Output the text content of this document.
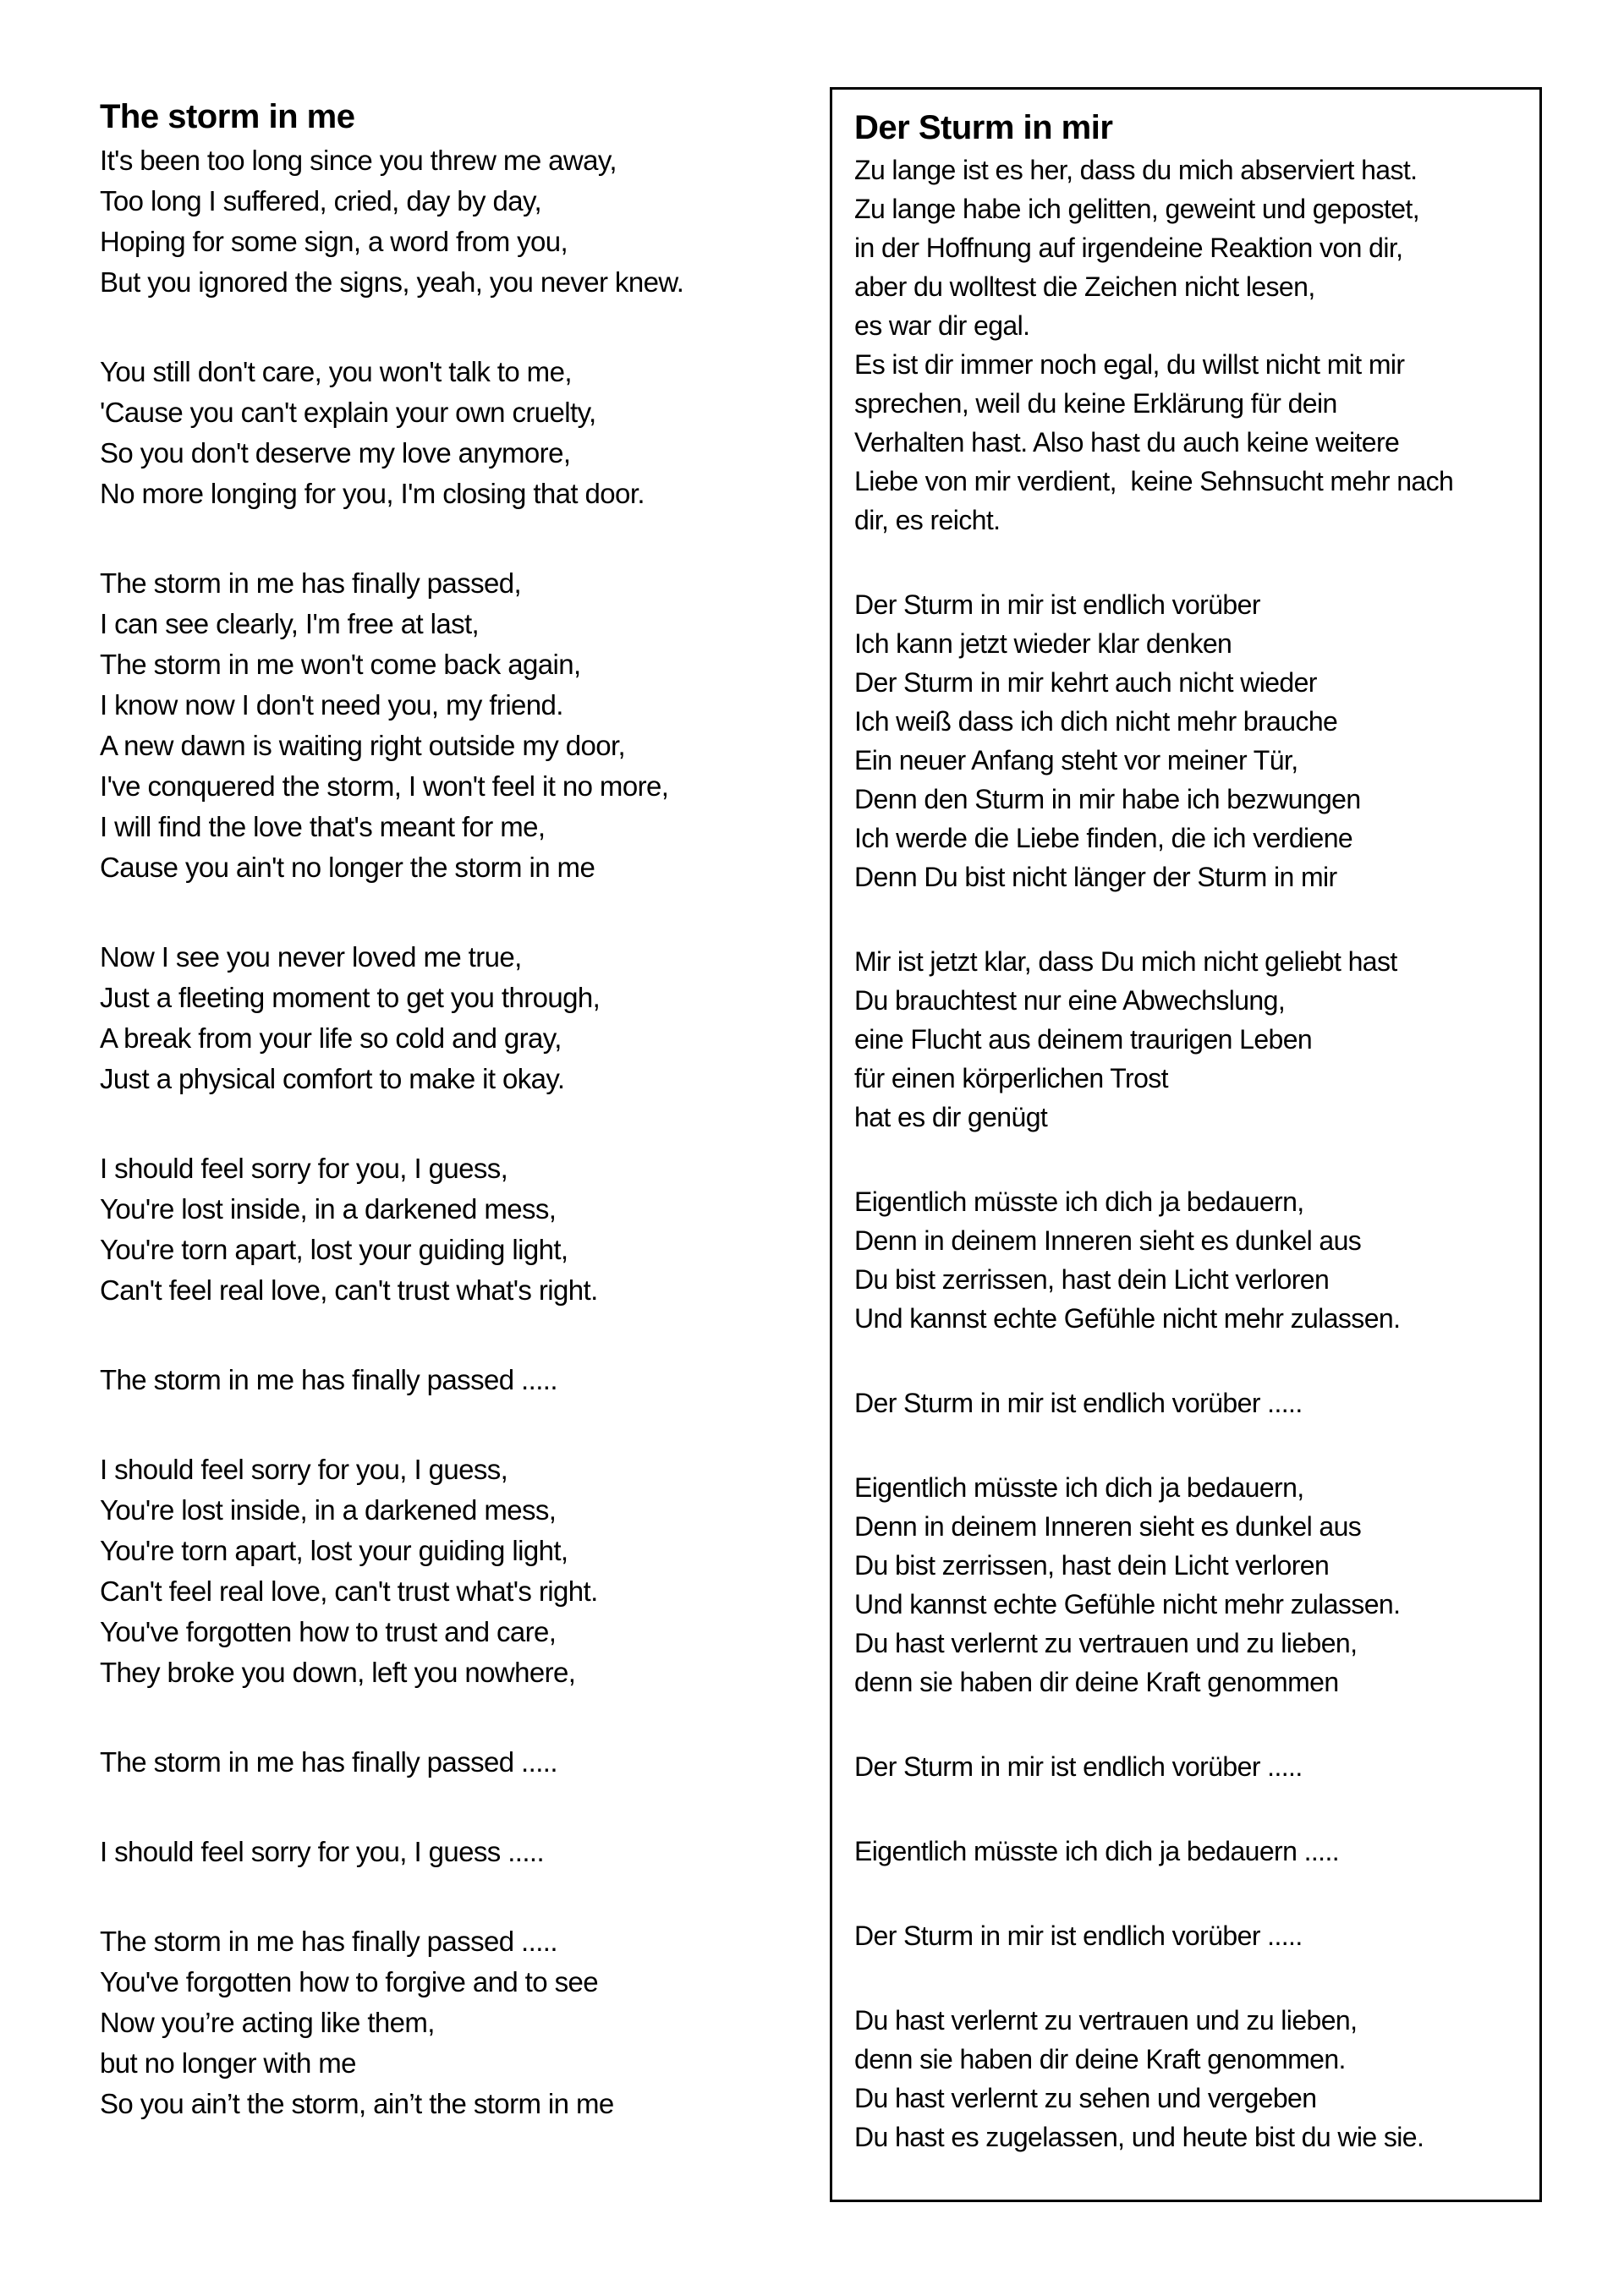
The storm in me
It's been too long since you threw me away,
Too long I suffered, cried, day by day,
Hoping for some sign, a word from you,
But you ignored the signs, yeah, you never knew.
You still don't care, you won't talk to me,
'Cause you can't explain your own cruelty,
So you don't deserve my love anymore,
No more longing for you, I'm closing that door.
The storm in me has finally passed,
I can see clearly, I'm free at last,
The storm in me won't come back again,
I know now I don't need you, my friend.
A new dawn is waiting right outside my door,
I've conquered the storm, I won't feel it no more,
I will find the love that's meant for me,
Cause you ain't no longer the storm in me
Now I see you never loved me true,
Just a fleeting moment to get you through,
A break from your life so cold and gray,
Just a physical comfort to make it okay.
I should feel sorry for you, I guess,
You're lost inside, in a darkened mess,
You're torn apart, lost your guiding light,
Can't feel real love, can't trust what's right.
The storm in me has finally passed .....
I should feel sorry for you, I guess,
You're lost inside, in a darkened mess,
You're torn apart, lost your guiding light,
Can't feel real love, can't trust what's right.
You've forgotten how to trust and care,
They broke you down, left you nowhere,
The storm in me has finally passed .....
I should feel sorry for you, I guess .....
The storm in me has finally passed .....
You've forgotten how to forgive and to see
Now you’re acting like them,
but no longer with me
So you ain’t the storm, ain’t the storm in me
Der Sturm in mir
Zu lange ist es her, dass du mich abserviert hast.
Zu lange habe ich gelitten, geweint und gepostet,
in der Hoffnung auf irgendeine Reaktion von dir,
aber du wolltest die Zeichen nicht lesen,
es war dir egal.
Es ist dir immer noch egal, du willst nicht mit mir
sprechen, weil du keine Erklärung für dein
Verhalten hast. Also hast du auch keine weitere
Liebe von mir verdient,  keine Sehnsucht mehr nach
dir, es reicht.
Der Sturm in mir ist endlich vorüber
Ich kann jetzt wieder klar denken
Der Sturm in mir kehrt auch nicht wieder
Ich weiß dass ich dich nicht mehr brauche
Ein neuer Anfang steht vor meiner Tür,
Denn den Sturm in mir habe ich bezwungen
Ich werde die Liebe finden, die ich verdiene
Denn Du bist nicht länger der Sturm in mir
Mir ist jetzt klar, dass Du mich nicht geliebt hast
Du brauchtest nur eine Abwechslung,
eine Flucht aus deinem traurigen Leben
für einen körperlichen Trost
hat es dir genügt
Eigentlich müsste ich dich ja bedauern,
Denn in deinem Inneren sieht es dunkel aus
Du bist zerrissen, hast dein Licht verloren
Und kannst echte Gefühle nicht mehr zulassen.
Der Sturm in mir ist endlich vorüber .....
Eigentlich müsste ich dich ja bedauern,
Denn in deinem Inneren sieht es dunkel aus
Du bist zerrissen, hast dein Licht verloren
Und kannst echte Gefühle nicht mehr zulassen.
Du hast verlernt zu vertrauen und zu lieben,
denn sie haben dir deine Kraft genommen
Der Sturm in mir ist endlich vorüber .....
Eigentlich müsste ich dich ja bedauern .....
Der Sturm in mir ist endlich vorüber .....
Du hast verlernt zu vertrauen und zu lieben,
denn sie haben dir deine Kraft genommen.
Du hast verlernt zu sehen und vergeben
Du hast es zugelassen, und heute bist du wie sie.
